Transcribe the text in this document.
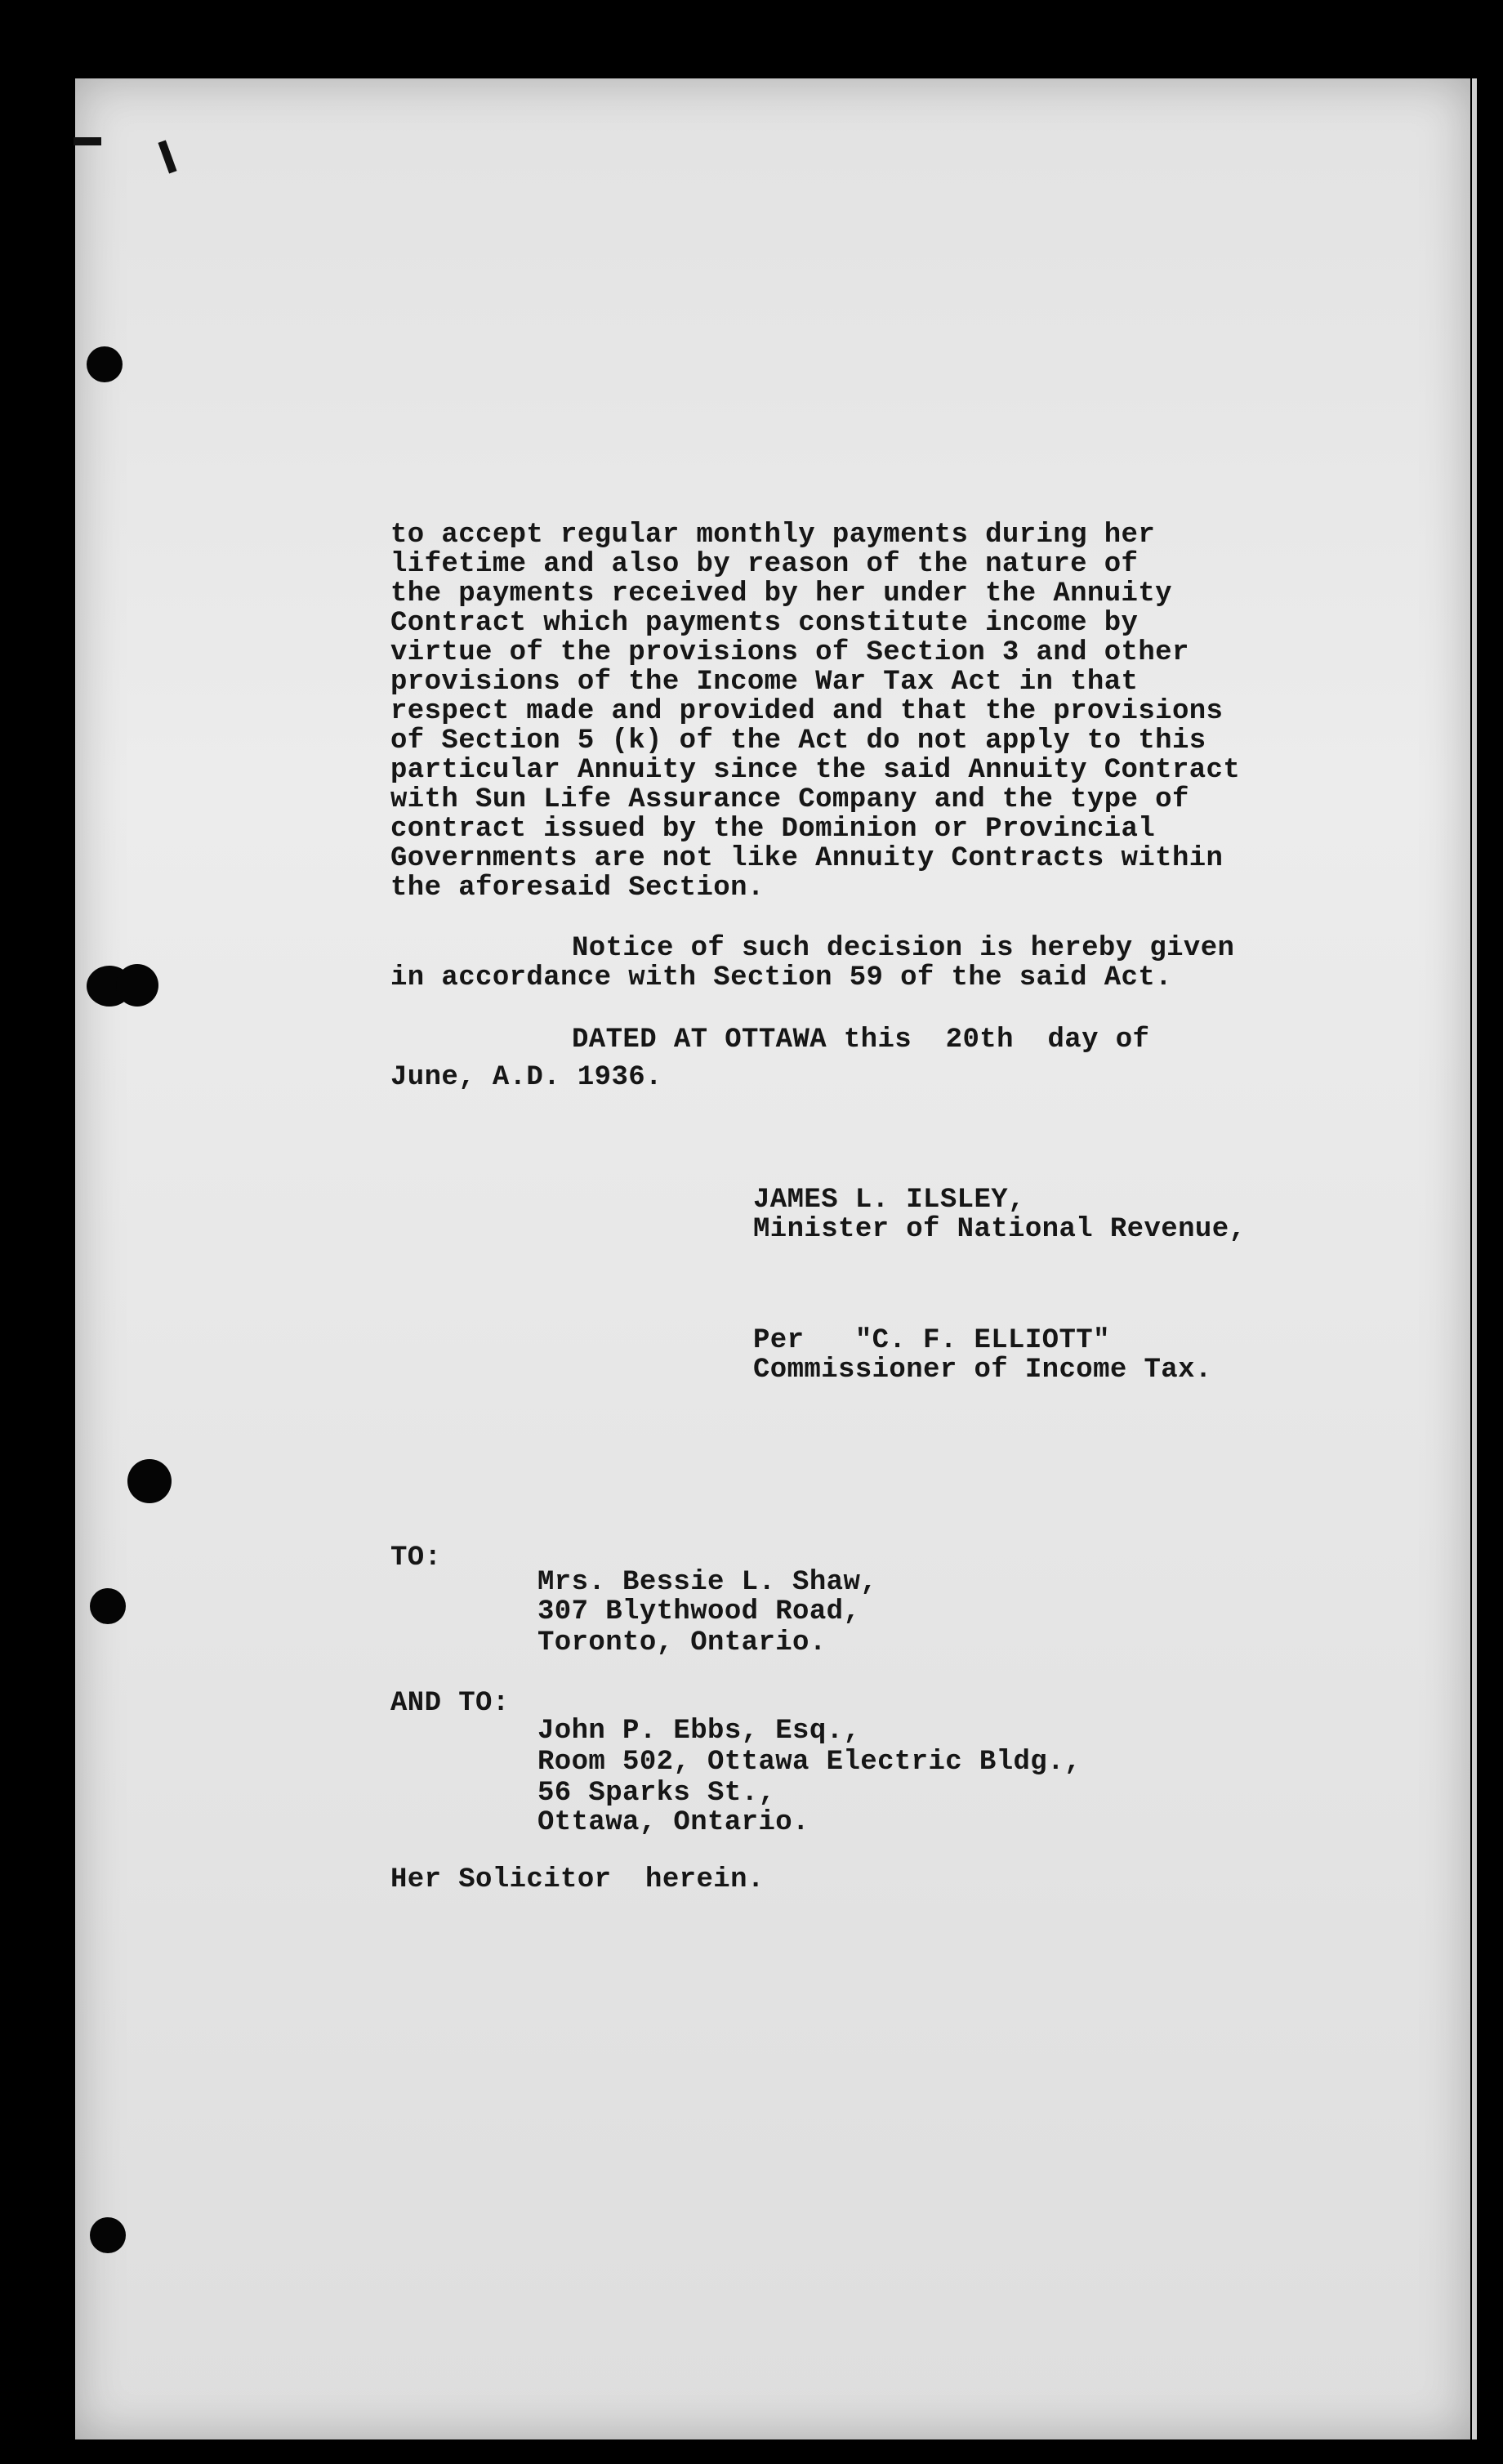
to accept regular monthly payments during her
lifetime and also by reason of the nature of
the payments received by her under the Annuity
Contract which payments constitute income by
virtue of the provisions of Section 3 and other
provisions of the Income War Tax Act in that
respect made and provided and that the provisions
of Section 5 (k) of the Act do not apply to this
particular Annuity since the said Annuity Contract
with Sun Life Assurance Company and the type of
contract issued by the Dominion or Provincial
Governments are not like Annuity Contracts within
the aforesaid Section.
Notice of such decision is hereby given
in accordance with Section 59 of the said Act.
DATED AT OTTAWA this  20th  day of
June, A.D. 1936.
JAMES L. ILSLEY,
Minister of National Revenue,
Per   "C. F. ELLIOTT"
Commissioner of Income Tax.
TO:
Mrs. Bessie L. Shaw,
307 Blythwood Road,
Toronto, Ontario.
AND TO:
John P. Ebbs, Esq.,
Room 502, Ottawa Electric Bldg.,
56 Sparks St.,
Ottawa, Ontario.
Her Solicitor  herein.
